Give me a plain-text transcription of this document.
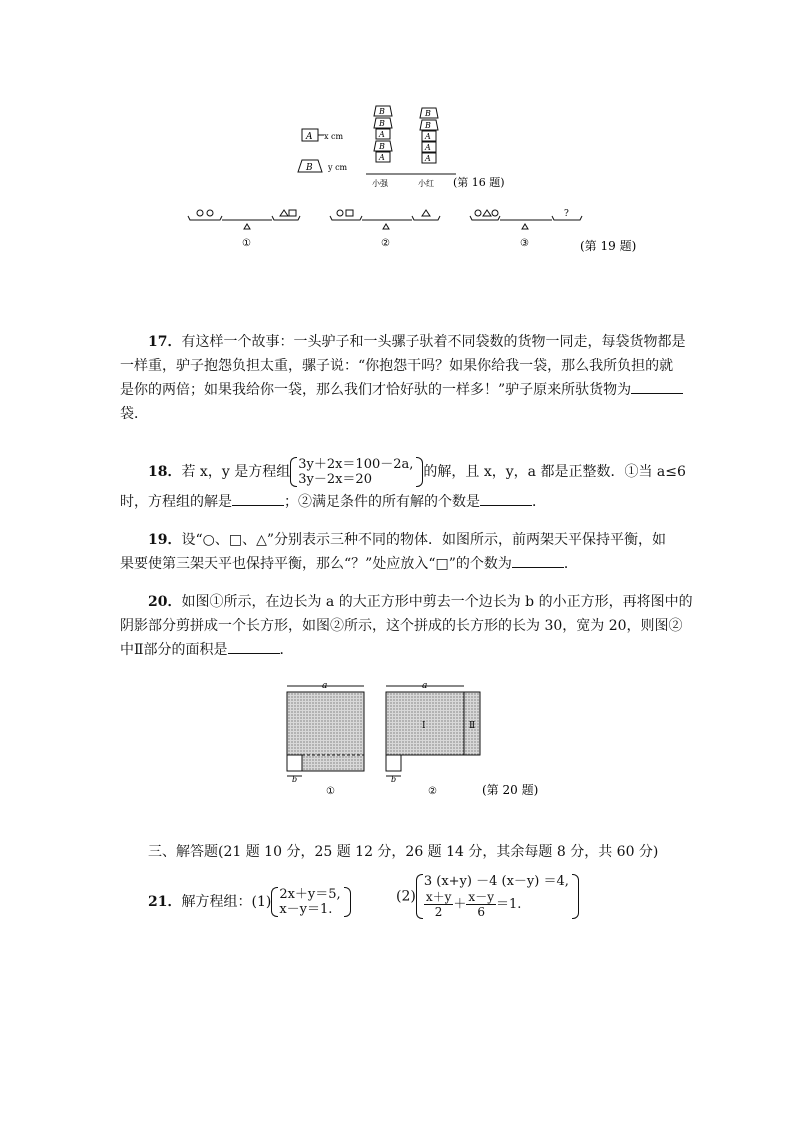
A x cm
B y cm
B
B
A
B
A
小强
B
B
A
A
A
小红 (第 16 题)
①	②
?
③	(第 19 题)
17．有这样一个故事：一头驴子和一头骡子驮着不同袋数的货物一同走，每袋货物都是
一样重，驴子抱怨负担太重，骡子说：“你抱怨干吗？如果你给我一袋，那么我所负担的就
是你的两倍；如果我给你一袋，那么我们才恰好驮的一样多！”驴子原来所驮货物为
袋．
18．若 x，y 是方程组 3y＋2x＝100－2a,
3y－2x＝20	的解，且 x，y，a 都是正整数．①当 a≤6
时，方程组的解是	；②满足条件的所有解的个数是	．
19．设“○、□、△”分别表示三种不同的物体．如图所示，前两架天平保持平衡，如
果要使第三架天平也保持平衡，那么“？”处应放入“□”的个数为	．
20．如图①所示，在边长为 a 的大正方形中剪去一个边长为 b 的小正方形，再将图中的
阴影部分剪拼成一个长方形，如图②所示，这个拼成的长方形的长为 30，宽为 20，则图②
中Ⅱ部分的面积是	．
a
b
①
a
Ⅰ	Ⅱ
b
②	(第 20 题)
三、解答题(21 题 10 分，25 题 12 分，26 题 14 分，其余每题 8 分，共 60 分)
21．解方程组：(1) 2x＋y＝5,
x－y＝1.
(2)
3 (x+y) －4 (x－y) ＝4,
$\frac{x+y}{2} + \frac{x-y}{6} =1$.
